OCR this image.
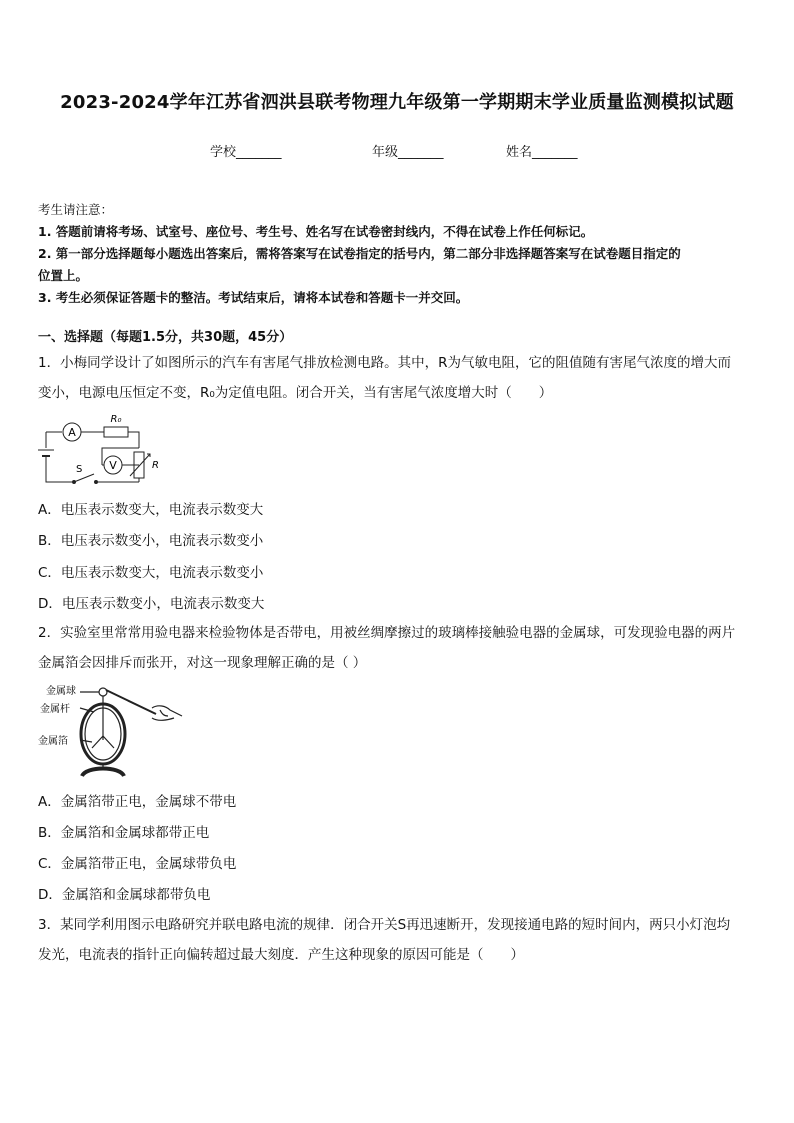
2023-2024学年江苏省泗洪县联考物理九年级第一学期期末学业质量监测模拟试题
学校_______	年级_______	姓名_______
考生请注意：
1. 答题前请将考场、试室号、座位号、考生号、姓名写在试卷密封线内，不得在试卷上作任何标记。
2. 第一部分选择题每小题选出答案后，需将答案写在试卷指定的括号内，第二部分非选择题答案写在试卷题目指定的
位置上。
3. 考生必须保证答题卡的整洁。考试结束后，请将本试卷和答题卡一并交回。
一、选择题（每题1.5分，共30题，45分）
1．小梅同学设计了如图所示的汽车有害尾气排放检测电路。其中，R为气敏电阻，它的阻值随有害尾气浓度的增大而
变小，电源电压恒定不变，R₀为定值电阻。闭合开关，当有害尾气浓度增大时（　　）
A
V
R₀
R
S
A．电压表示数变大，电流表示数变大
B．电压表示数变小，电流表示数变小
C．电压表示数变大，电流表示数变小
D．电压表示数变小，电流表示数变大
2．实验室里常常用验电器来检验物体是否带电，用被丝绸摩擦过的玻璃棒接触验电器的金属球，可发现验电器的两片
金属箔会因排斥而张开，对这一现象理解正确的是（ ）
金属球
金属杆
金属箔
A．金属箔带正电，金属球不带电
B．金属箔和金属球都带正电
C．金属箔带正电，金属球带负电
D．金属箔和金属球都带负电
3．某同学利用图示电路研究并联电路电流的规律．闭合开关S再迅速断开，发现接通电路的短时间内，两只小灯泡均
发光，电流表的指针正向偏转超过最大刻度．产生这种现象的原因可能是（　　）
